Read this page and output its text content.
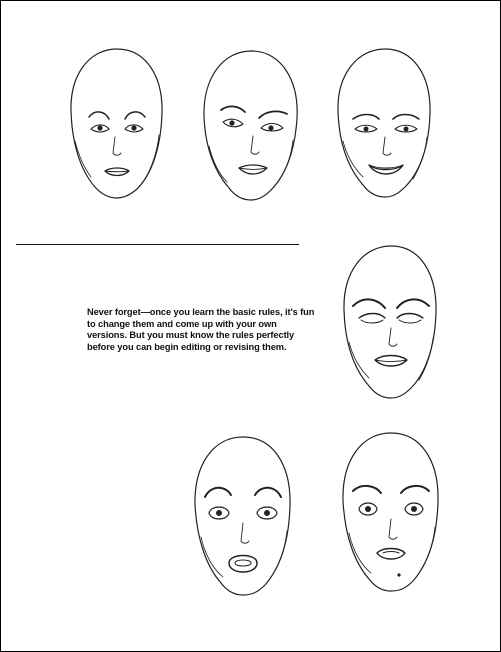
Never forget—once you learn the basic rules, it's fun to change them and come up with your own versions. But you must know the rules perfectly before you can begin editing or revising them.
